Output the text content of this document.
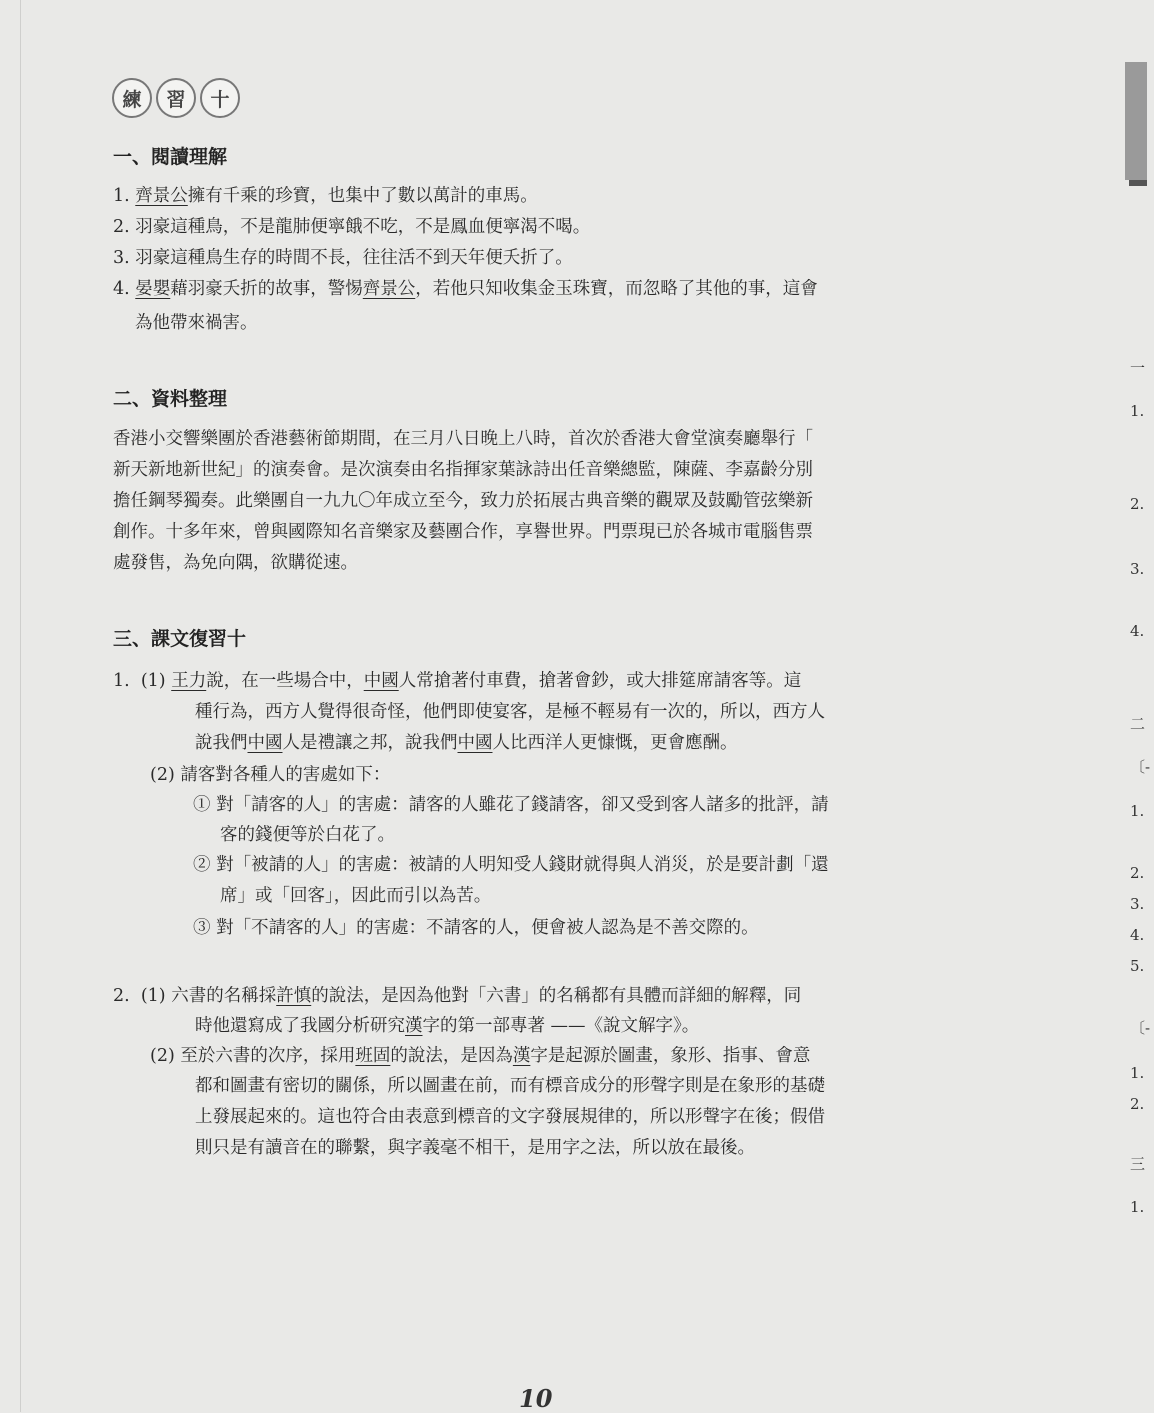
練	習	十
一、閱讀理解
1. 齊景公擁有千乘的珍寶，也集中了數以萬計的車馬。
2. 羽豪這種鳥，不是龍肺便寧餓不吃，不是鳳血便寧渴不喝。
3. 羽豪這種鳥生存的時間不長，往往活不到天年便夭折了。
4. 晏嬰藉羽豪夭折的故事，警惕齊景公，若他只知收集金玉珠寶，而忽略了其他的事，這會
為他帶來禍害。
二、資料整理
香港小交響樂團於香港藝術節期間，在三月八日晚上八時，首次於香港大會堂演奏廳舉行「
新天新地新世紀」的演奏會。是次演奏由名指揮家葉詠詩出任音樂總監，陳薩、李嘉齡分別
擔任鋼琴獨奏。此樂團自一九九〇年成立至今，致力於拓展古典音樂的觀眾及鼓勵管弦樂新
創作。十多年來，曾與國際知名音樂家及藝團合作，享譽世界。門票現已於各城市電腦售票
處發售，為免向隅，欲購從速。
三、課文復習十
1. (1) 王力說，在一些場合中，中國人常搶著付車費，搶著會鈔，或大排筵席請客等。這
種行為，西方人覺得很奇怪，他們即使宴客，是極不輕易有一次的，所以，西方人
說我們中國人是禮讓之邦，說我們中國人比西洋人更慷慨，更會應酬。
(2) 請客對各種人的害處如下：
① 對「請客的人」的害處：請客的人雖花了錢請客，卻又受到客人諸多的批評，請
客的錢便等於白花了。
② 對「被請的人」的害處：被請的人明知受人錢財就得與人消災，於是要計劃「還
席」或「回客」，因此而引以為苦。
③ 對「不請客的人」的害處：不請客的人，便會被人認為是不善交際的。
2. (1) 六書的名稱採許慎的說法，是因為他對「六書」的名稱都有具體而詳細的解釋，同
時他還寫成了我國分析研究漢字的第一部專著 ——《說文解字》。
(2) 至於六書的次序，採用班固的說法，是因為漢字是起源於圖畫，象形、指事、會意
都和圖畫有密切的關係，所以圖畫在前，而有標音成分的形聲字則是在象形的基礎
上發展起來的。這也符合由表意到標音的文字發展規律的，所以形聲字在後；假借
則只是有讀音在的聯繫，與字義毫不相干，是用字之法，所以放在最後。
10
一
1.
2.
3.
4.
二
〔-
1.
2.
3.
4.
5.
〔-
1.
2.
三
1.
